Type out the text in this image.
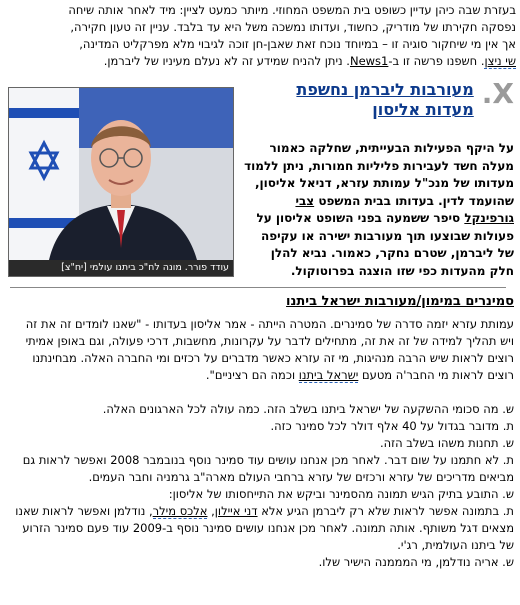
בעזרת שבה כיהן עדיין כשופט בית המשפט המחוזי. מיותר כמעט לציין: מיד לאחר אותה שיחה

נפסקה חקירתו של מודריק, כחשוד, ועדותו נמשכה משל היא עד בלבד. עניין זה טעון חקירה,

אך אין מי שיחקור סוגיה זו – במיוחד נוכח זאת שאבן-חן זוכה לגיבוי מלא מפרקליט המדינה,

שי ניצן. חשפנו פרשה זו ב-News1. ניתן להניח שמידע זה לא נעלם מעיניו של ליברמן.

X.
מעורבות ליברמן נחשפת מעדות אליסון
עודד פורר. מונה לח"כ ביתנו עולמי [יח"צ]

על היקף הפעילות הבעייתית, שחלקה כאמור מעלה חשד לעבירות פליליות חמורות, ניתן ללמוד מעדותו של מנכ"ל עמותת עזרא, דניאל אליסון, שהועמד לדין. בעדותו בבית המשפט צבי גורפינקל סיפר ששמעה בפני השופט אליסון על פעולות שבוצעו תוך מעורבות ישירה או עקיפה של ליברמן, שטרם נחקר, כאמור. נביא להלן חלק מהעדות כפי שזו הוצגה בפרוטוקול.

סמינרים במימון/מעורבות ישראל ביתנו

עמותת עזרא יזמה סדרה של סמינרים. המטרה הייתה - אמר אליסון בעדותו - "שאנו לומדים זה את זה ויש תהליך למידה של זה את זה, מתחילים לדבר על עקרונות, מחשבות, דרכי פעולה, וגם באופן אמיתי רוצים לראות שיש הרבה מנהיגות, מי זה עזרא כאשר מדברים על רכזים ומי החברה האלה. מבחינתנו רוצים לראות מי החבר'ה מטעם ישראל ביתנו וכמה הם רציניים".

ש. מה סכומי ההשקעה של ישראל ביתנו בשלב הזה. כמה עולה לכל הארגונים האלה.

ת. מדובר בגדול על 40 אלף דולר לכל סמינר כזה.

ש. תחנות משהו בשלב הזה.

ת. לא חתמנו על שום דבר. לאחר מכן אנחנו עושים עוד סמינר נוסף בנובמבר 2008 ואפשר לראות גם מביאים מדריכים של עזרא ורכזים של עזרא ברחבי העולם מארה"ב גרמניה וחבר העמים.

ש. התובע בתיק הגיש תמונה מהסמינר וביקש את התייחסותו של אליסון:

ת. בתמונה אפשר לראות שלא רק ליברמן הגיע אלא דני איילון, אלכס מילר, נודלמן ואפשר לראות שאנו מצאים דגל משותף. אותה תמונה. לאחר מכן אנחנו עושים סמינר נוסף ב-2009 עוד פעם סמינר הזרוע של ביתנו העולמית, רג'י.

ש. אריה נודלמן, מי המממנה הישיר שלו.
